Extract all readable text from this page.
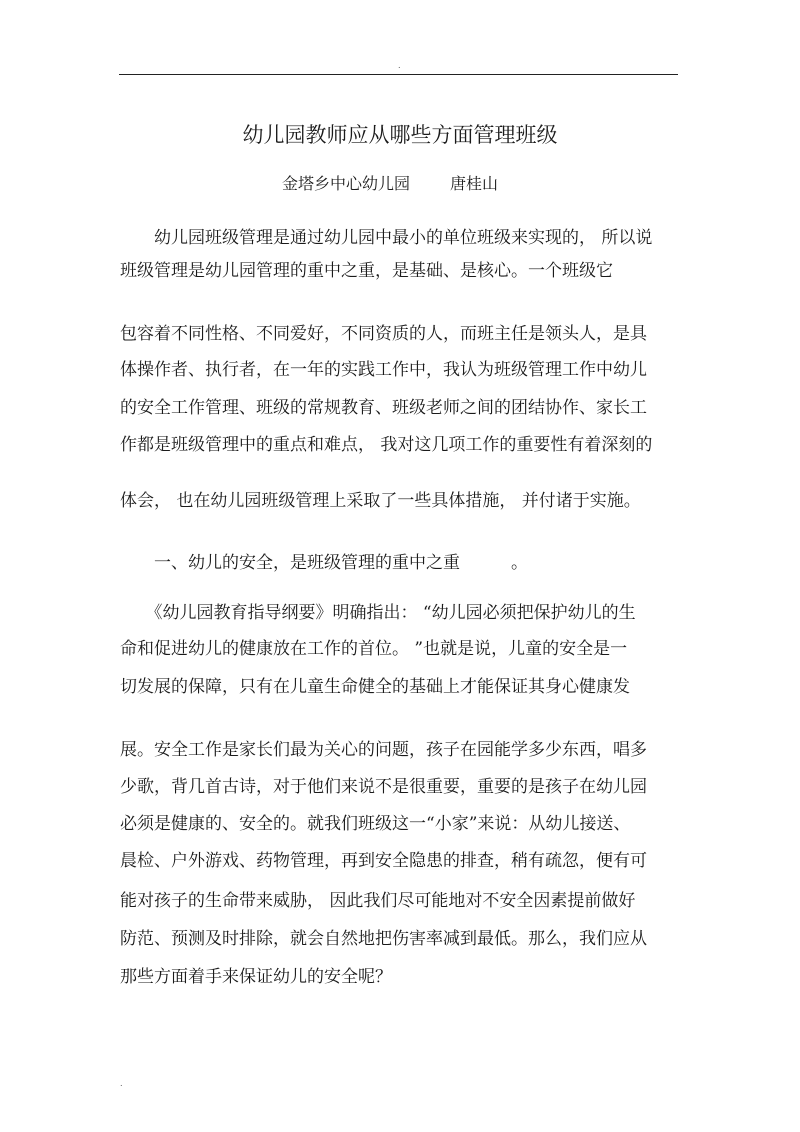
.
幼儿园教师应从哪些方面管理班级
金塔乡中心幼儿园	唐桂山
　　幼儿园班级管理是通过幼儿园中最小的单位班级来实现的， 所以说
班级管理是幼儿园管理的重中之重，是基础、是核心。一个班级它
包容着不同性格、不同爱好，不同资质的人，而班主任是领头人，是具
体操作者、执行者，在一年的实践工作中，我认为班级管理工作中幼儿
的安全工作管理、班级的常规教育、班级老师之间的团结协作、家长工
作都是班级管理中的重点和难点， 我对这几项工作的重要性有着深刻的
体会， 也在幼儿园班级管理上采取了一些具体措施， 并付诸于实施。
　　一、幼儿的安全，是班级管理的重中之重　　　。
　　《幼儿园教育指导纲要》明确指出： “幼儿园必须把保护幼儿的生
命和促进幼儿的健康放在工作的首位。 ”也就是说，儿童的安全是一
切发展的保障，只有在儿童生命健全的基础上才能保证其身心健康发
展。安全工作是家长们最为关心的问题，孩子在园能学多少东西，唱多
少歌，背几首古诗，对于他们来说不是很重要，重要的是孩子在幼儿园
必须是健康的、安全的。就我们班级这一“小家”来说：从幼儿接送、
晨检、户外游戏、药物管理，再到安全隐患的排查，稍有疏忽，便有可
能对孩子的生命带来威胁， 因此我们尽可能地对不安全因素提前做好
防范、预测及时排除，就会自然地把伤害率减到最低。那么，我们应从
那些方面着手来保证幼儿的安全呢？
.
